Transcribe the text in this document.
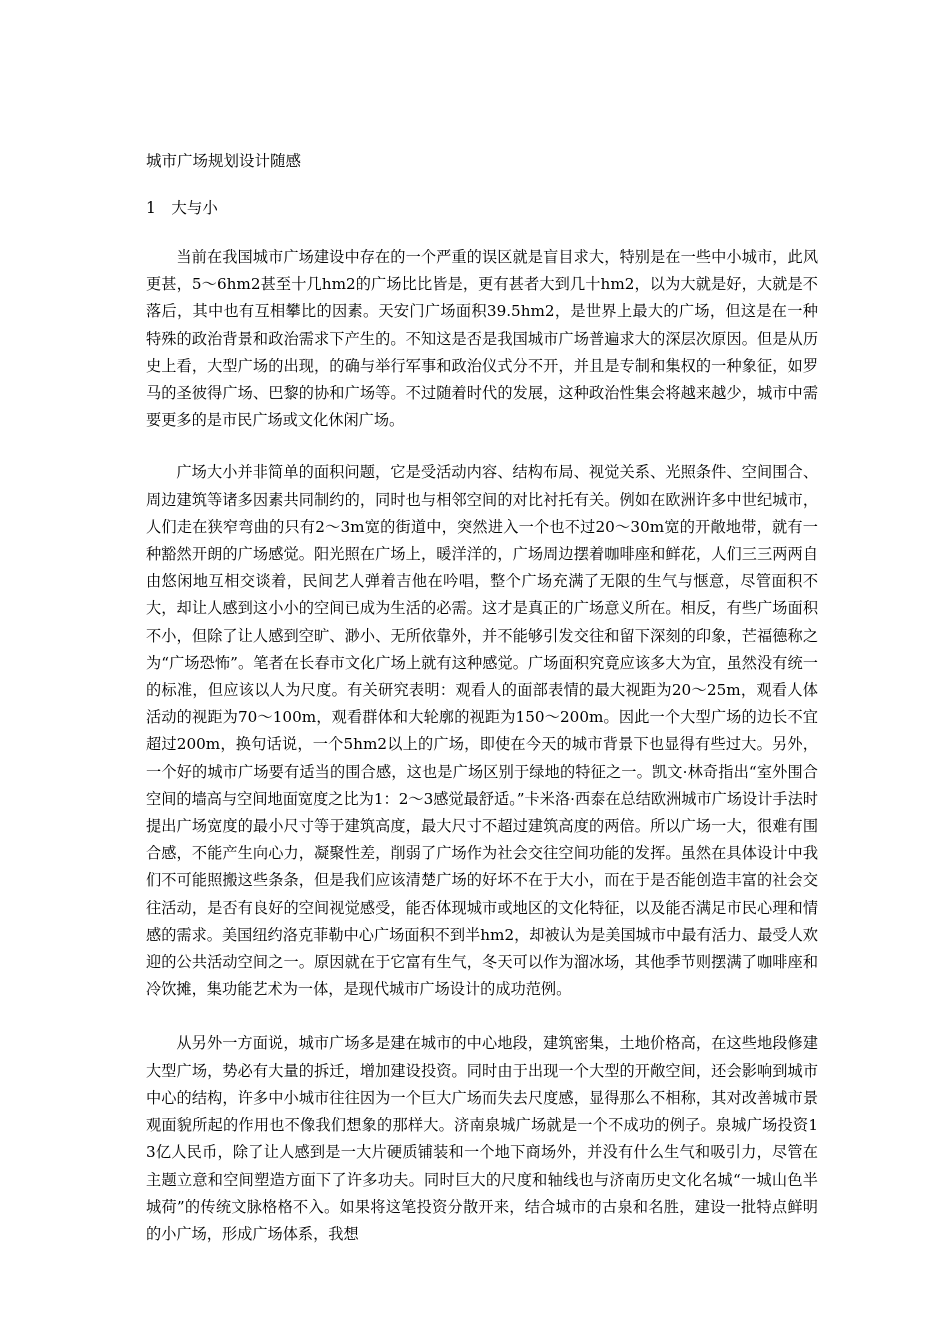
城市广场规划设计随感

1　大与小

当前在我国城市广场建设中存在的一个严重的误区就是盲目求大，特别是在一些中小城市，此风更甚，5～6hm2甚至十几hm2的广场比比皆是，更有甚者大到几十hm2，以为大就是好，大就是不落后，其中也有互相攀比的因素。天安门广场面积39.5hm2，是世界上最大的广场，但这是在一种特殊的政治背景和政治需求下产生的。不知这是否是我国城市广场普遍求大的深层次原因。但是从历史上看，大型广场的出现，的确与举行军事和政治仪式分不开，并且是专制和集权的一种象征，如罗马的圣彼得广场、巴黎的协和广场等。不过随着时代的发展，这种政治性集会将越来越少，城市中需要更多的是市民广场或文化休闲广场。

广场大小并非简单的面积问题，它是受活动内容、结构布局、视觉关系、光照条件、空间围合、周边建筑等诸多因素共同制约的，同时也与相邻空间的对比衬托有关。例如在欧洲许多中世纪城市，人们走在狭窄弯曲的只有2～3m宽的街道中，突然进入一个也不过20～30m宽的开敞地带，就有一种豁然开朗的广场感觉。阳光照在广场上，暖洋洋的，广场周边摆着咖啡座和鲜花，人们三三两两自由悠闲地互相交谈着，民间艺人弹着吉他在吟唱，整个广场充满了无限的生气与惬意，尽管面积不大，却让人感到这小小的空间已成为生活的必需。这才是真正的广场意义所在。相反，有些广场面积不小，但除了让人感到空旷、渺小、无所依靠外，并不能够引发交往和留下深刻的印象，芒福德称之为“广场恐怖”。笔者在长春市文化广场上就有这种感觉。广场面积究竟应该多大为宜，虽然没有统一的标准，但应该以人为尺度。有关研究表明：观看人的面部表情的最大视距为20～25m，观看人体活动的视距为70～100m，观看群体和大轮廓的视距为150～200m。因此一个大型广场的边长不宜超过200m，换句话说，一个5hm2以上的广场，即使在今天的城市背景下也显得有些过大。另外，一个好的城市广场要有适当的围合感，这也是广场区别于绿地的特征之一。凯文·林奇指出“室外围合空间的墙高与空间地面宽度之比为1：2～3感觉最舒适。”卡米洛·西泰在总结欧洲城市广场设计手法时提出广场宽度的最小尺寸等于建筑高度，最大尺寸不超过建筑高度的两倍。所以广场一大，很难有围合感，不能产生向心力，凝聚性差，削弱了广场作为社会交往空间功能的发挥。虽然在具体设计中我们不可能照搬这些条条，但是我们应该清楚广场的好坏不在于大小，而在于是否能创造丰富的社会交往活动，是否有良好的空间视觉感受，能否体现城市或地区的文化特征，以及能否满足市民心理和情感的需求。美国纽约洛克菲勒中心广场面积不到半hm2，却被认为是美国城市中最有活力、最受人欢迎的公共活动空间之一。原因就在于它富有生气，冬天可以作为溜冰场，其他季节则摆满了咖啡座和冷饮摊，集功能艺术为一体，是现代城市广场设计的成功范例。

从另外一方面说，城市广场多是建在城市的中心地段，建筑密集，土地价格高，在这些地段修建大型广场，势必有大量的拆迁，增加建设投资。同时由于出现一个大型的开敞空间，还会影响到城市中心的结构，许多中小城市往往因为一个巨大广场而失去尺度感，显得那么不相称，其对改善城市景观面貌所起的作用也不像我们想象的那样大。济南泉城广场就是一个不成功的例子。泉城广场投资13亿人民币，除了让人感到是一大片硬质铺装和一个地下商场外，并没有什么生气和吸引力，尽管在主题立意和空间塑造方面下了许多功夫。同时巨大的尺度和轴线也与济南历史文化名城“一城山色半城荷”的传统文脉格格不入。如果将这笔投资分散开来，结合城市的古泉和名胜，建设一批特点鲜明的小广场，形成广场体系，我想
